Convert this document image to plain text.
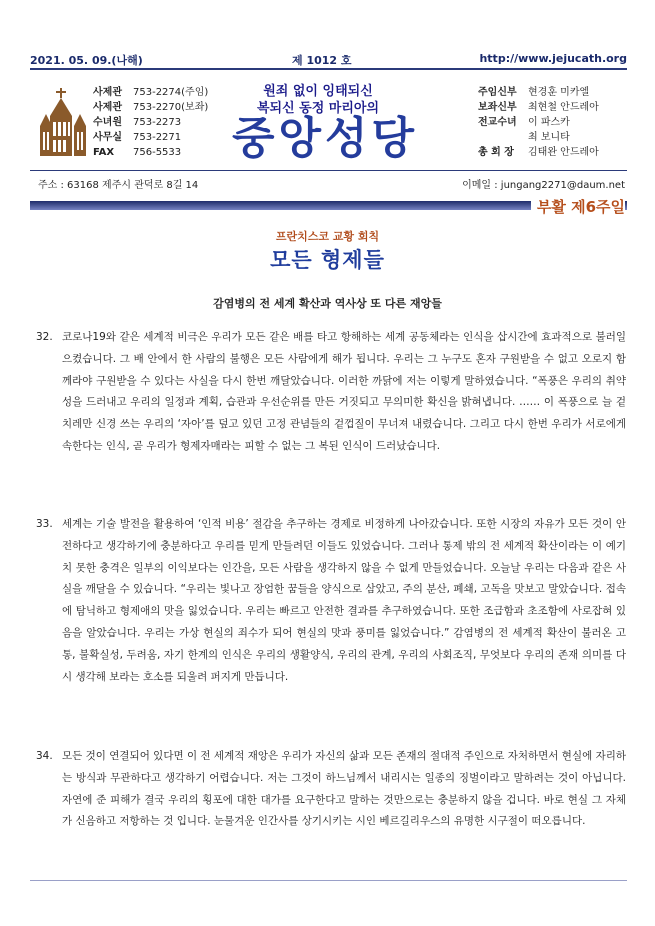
2021. 05. 09.(나해)	제 1012 호	http://www.jejucath.org
사제관	753-2274(주임)
사제관	753-2270(보좌)
수녀원	753-2273
사무실	753-2271
FAX	756-5533
원죄 없이 잉태되신
복되신 동정 마리아의
중앙성당
주임신부	현경훈 미카엘
보좌신부	최현철 안드레아
전교수녀	이 파스카
최 보니타
총 회 장	김태완 안드레아
주소 : 63168 제주시 관덕로 8길 14	이메일 : jungang2271@daum.net
부활 제6주일
프란치스코 교황 회칙
모든 형제들
감염병의 전 세계 확산과 역사상 또 다른 재앙들
32. 코로나19와 같은 세계적 비극은 우리가 모든 같은 배를 타고 항해하는 세계 공동체라는 인식을 삽시간에 효과적으로 불러일으켰습니다. 그 배 안에서 한 사람의 불행은 모든 사람에게 해가 됩니다. 우리는 그 누구도 혼자 구원받을 수 없고 오로지 함께라야 구원받을 수 있다는 사실을 다시 한번 깨달았습니다. 이러한 까닭에 저는 이렇게 말하였습니다. “폭풍은 우리의 취약성을 드러내고 우리의 일정과 계획, 습관과 우선순위를 만든 거짓되고 무의미한 확신을 밝혀냅니다. …… 이 폭풍으로 늘 겉치레만 신경 쓰는 우리의 ‘자아’를 덮고 있던 고정 관념들의 겉껍질이 무너져 내렸습니다. 그리고 다시 한번 우리가 서로에게 속한다는 인식, 곧 우리가 형제자매라는 피할 수 없는 그 복된 인식이 드러났습니다.
33. 세계는 기술 발전을 활용하여 ‘인적 비용’ 절감을 추구하는 경제로 비정하게 나아갔습니다. 또한 시장의 자유가 모든 것이 안전하다고 생각하기에 충분하다고 우리를 믿게 만들려던 이들도 있었습니다. 그러나 통제 밖의 전 세계적 확산이라는 이 예기치 못한 충격은 일부의 이익보다는 인간을, 모든 사람을 생각하지 않을 수 없게 만들었습니다. 오늘날 우리는 다음과 같은 사실을 깨달을 수 있습니다. “우리는 빛나고 장엄한 꿈들을 양식으로 삼았고, 주의 분산, 폐쇄, 고독을 맛보고 말았습니다. 접속에 탐닉하고 형제애의 맛을 잃었습니다. 우리는 빠르고 안전한 결과를 추구하였습니다. 또한 조급함과 초조함에 사로잡혀 있음을 알았습니다. 우리는 가상 현실의 죄수가 되어 현실의 맛과 풍미를 잃었습니다.” 감염병의 전 세계적 확산이 불러온 고통, 불확실성, 두려움, 자기 한계의 인식은 우리의 생활양식, 우리의 관계, 우리의 사회조직, 무엇보다 우리의 존재 의미를 다시 생각해 보라는 호소를 되울려 퍼지게 만듭니다.
34. 모든 것이 연결되어 있다면 이 전 세계적 재앙은 우리가 자신의 삶과 모든 존재의 절대적 주인으로 자처하면서 현실에 자리하는 방식과 무관하다고 생각하기 어렵습니다. 저는 그것이 하느님께서 내리시는 일종의 징벌이라고 말하려는 것이 아닙니다. 자연에 준 피해가 결국 우리의 횡포에 대한 대가를 요구한다고 말하는 것만으로는 충분하지 않을 겁니다. 바로 현실 그 자체가 신음하고 저항하는 것 입니다. 눈물겨운 인간사를 상기시키는 시인 베르길리우스의 유명한 시구절이 떠오릅니다.
